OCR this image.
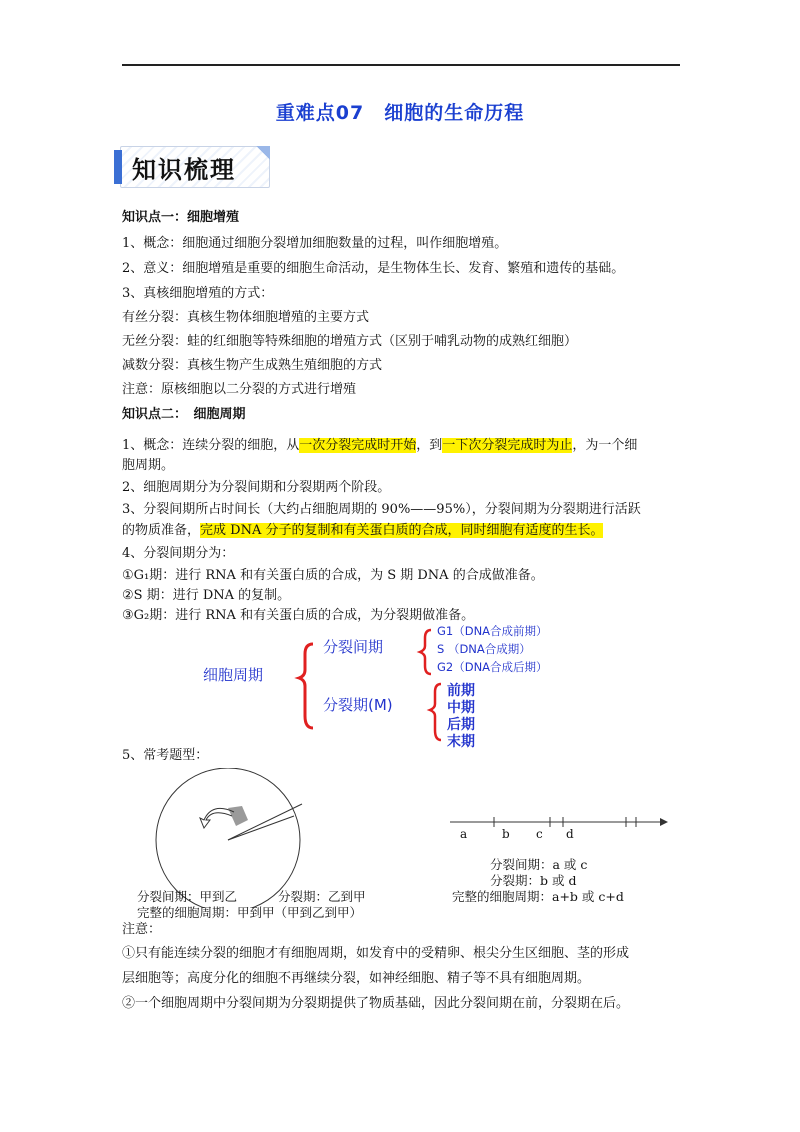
重难点07　细胞的生命历程
知识梳理
知识点一：细胞增殖
1、概念：细胞通过细胞分裂增加细胞数量的过程，叫作细胞增殖。
2、意义：细胞增殖是重要的细胞生命活动，是生物体生长、发育、繁殖和遗传的基础。
3、真核细胞增殖的方式：
有丝分裂：真核生物体细胞增殖的主要方式
无丝分裂：蛙的红细胞等特殊细胞的增殖方式（区别于哺乳动物的成熟红细胞）
减数分裂：真核生物产生成熟生殖细胞的方式
注意：原核细胞以二分裂的方式进行增殖
知识点二：　细胞周期
1、概念：连续分裂的细胞，从一次分裂完成时开始，到一下次分裂完成时为止，为一个细
胞周期。
2、细胞周期分为分裂间期和分裂期两个阶段。
3、分裂间期所占时间长（大约占细胞周期的 90%——95%），分裂间期为分裂期进行活跃
的物质准备，完成 DNA 分子的复制和有关蛋白质的合成，同时细胞有适度的生长。
4、分裂间期分为：
①G₁期：进行 RNA 和有关蛋白质的合成，为 S 期 DNA 的合成做准备。
②S 期：进行 DNA 的复制。
③G₂期：进行 RNA 和有关蛋白质的合成，为分裂期做准备。
细胞周期
分裂间期
G1（DNA合成前期）
S （DNA合成期）
G2（DNA合成后期）
分裂期(M)
前期
中期
后期
末期
5、常考题型：
a	b c d
分裂间期：a 或 c
分裂期：b 或 d
完整的细胞周期：a+b 或 c+d
分裂间期：甲到乙	分裂期：乙到甲
完整的细胞周期：甲到甲（甲到乙到甲）
注意：
①只有能连续分裂的细胞才有细胞周期，如发育中的受精卵、根尖分生区细胞、茎的形成
层细胞等；高度分化的细胞不再继续分裂，如神经细胞、精子等不具有细胞周期。
②一个细胞周期中分裂间期为分裂期提供了物质基础，因此分裂间期在前，分裂期在后。
